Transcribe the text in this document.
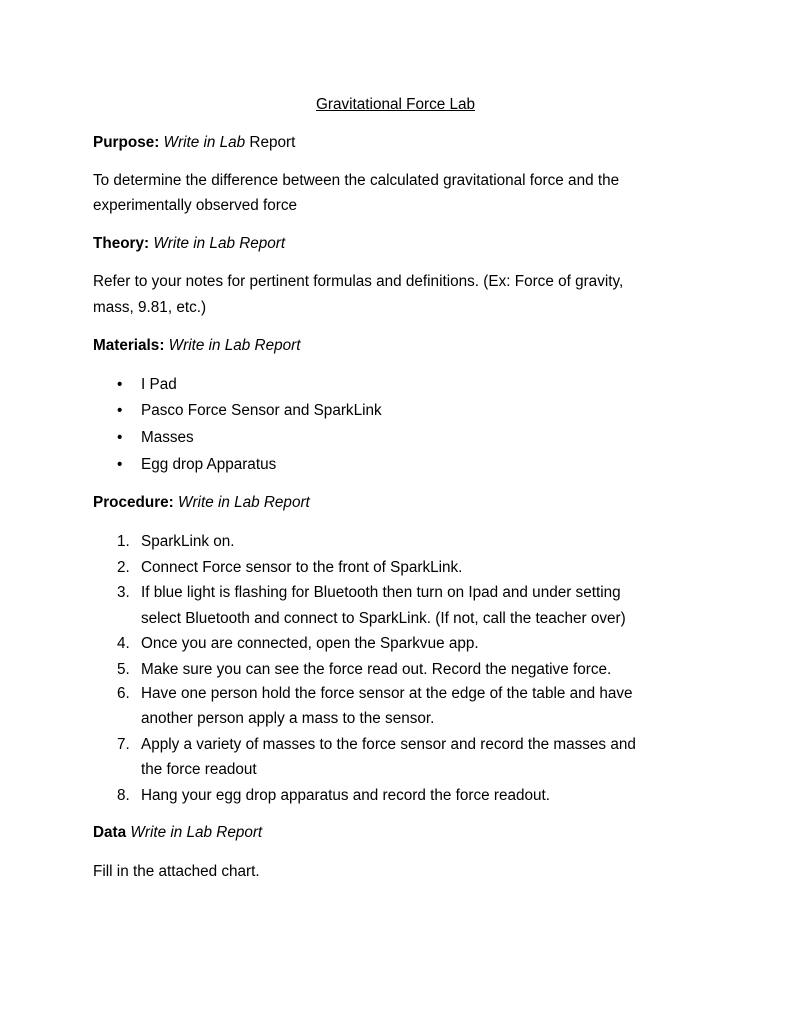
Gravitational Force Lab
Purpose: Write in Lab Report
To determine the difference between the calculated gravitational force and the
experimentally observed force
Theory: Write in Lab Report
Refer to your notes for pertinent formulas and definitions. (Ex: Force of gravity,
mass, 9.81, etc.)
Materials: Write in Lab Report
• I Pad
• Pasco Force Sensor and SparkLink
• Masses
• Egg drop Apparatus
Procedure: Write in Lab Report
1. SparkLink on.
2. Connect Force sensor to the front of SparkLink.
3. If blue light is flashing for Bluetooth then turn on Ipad and under setting
select Bluetooth and connect to SparkLink. (If not, call the teacher over)
4. Once you are connected, open the Sparkvue app.
5. Make sure you can see the force read out. Record the negative force.
6. Have one person hold the force sensor at the edge of the table and have
another person apply a mass to the sensor.
7. Apply a variety of masses to the force sensor and record the masses and
the force readout
8. Hang your egg drop apparatus and record the force readout.
Data Write in Lab Report
Fill in the attached chart.
